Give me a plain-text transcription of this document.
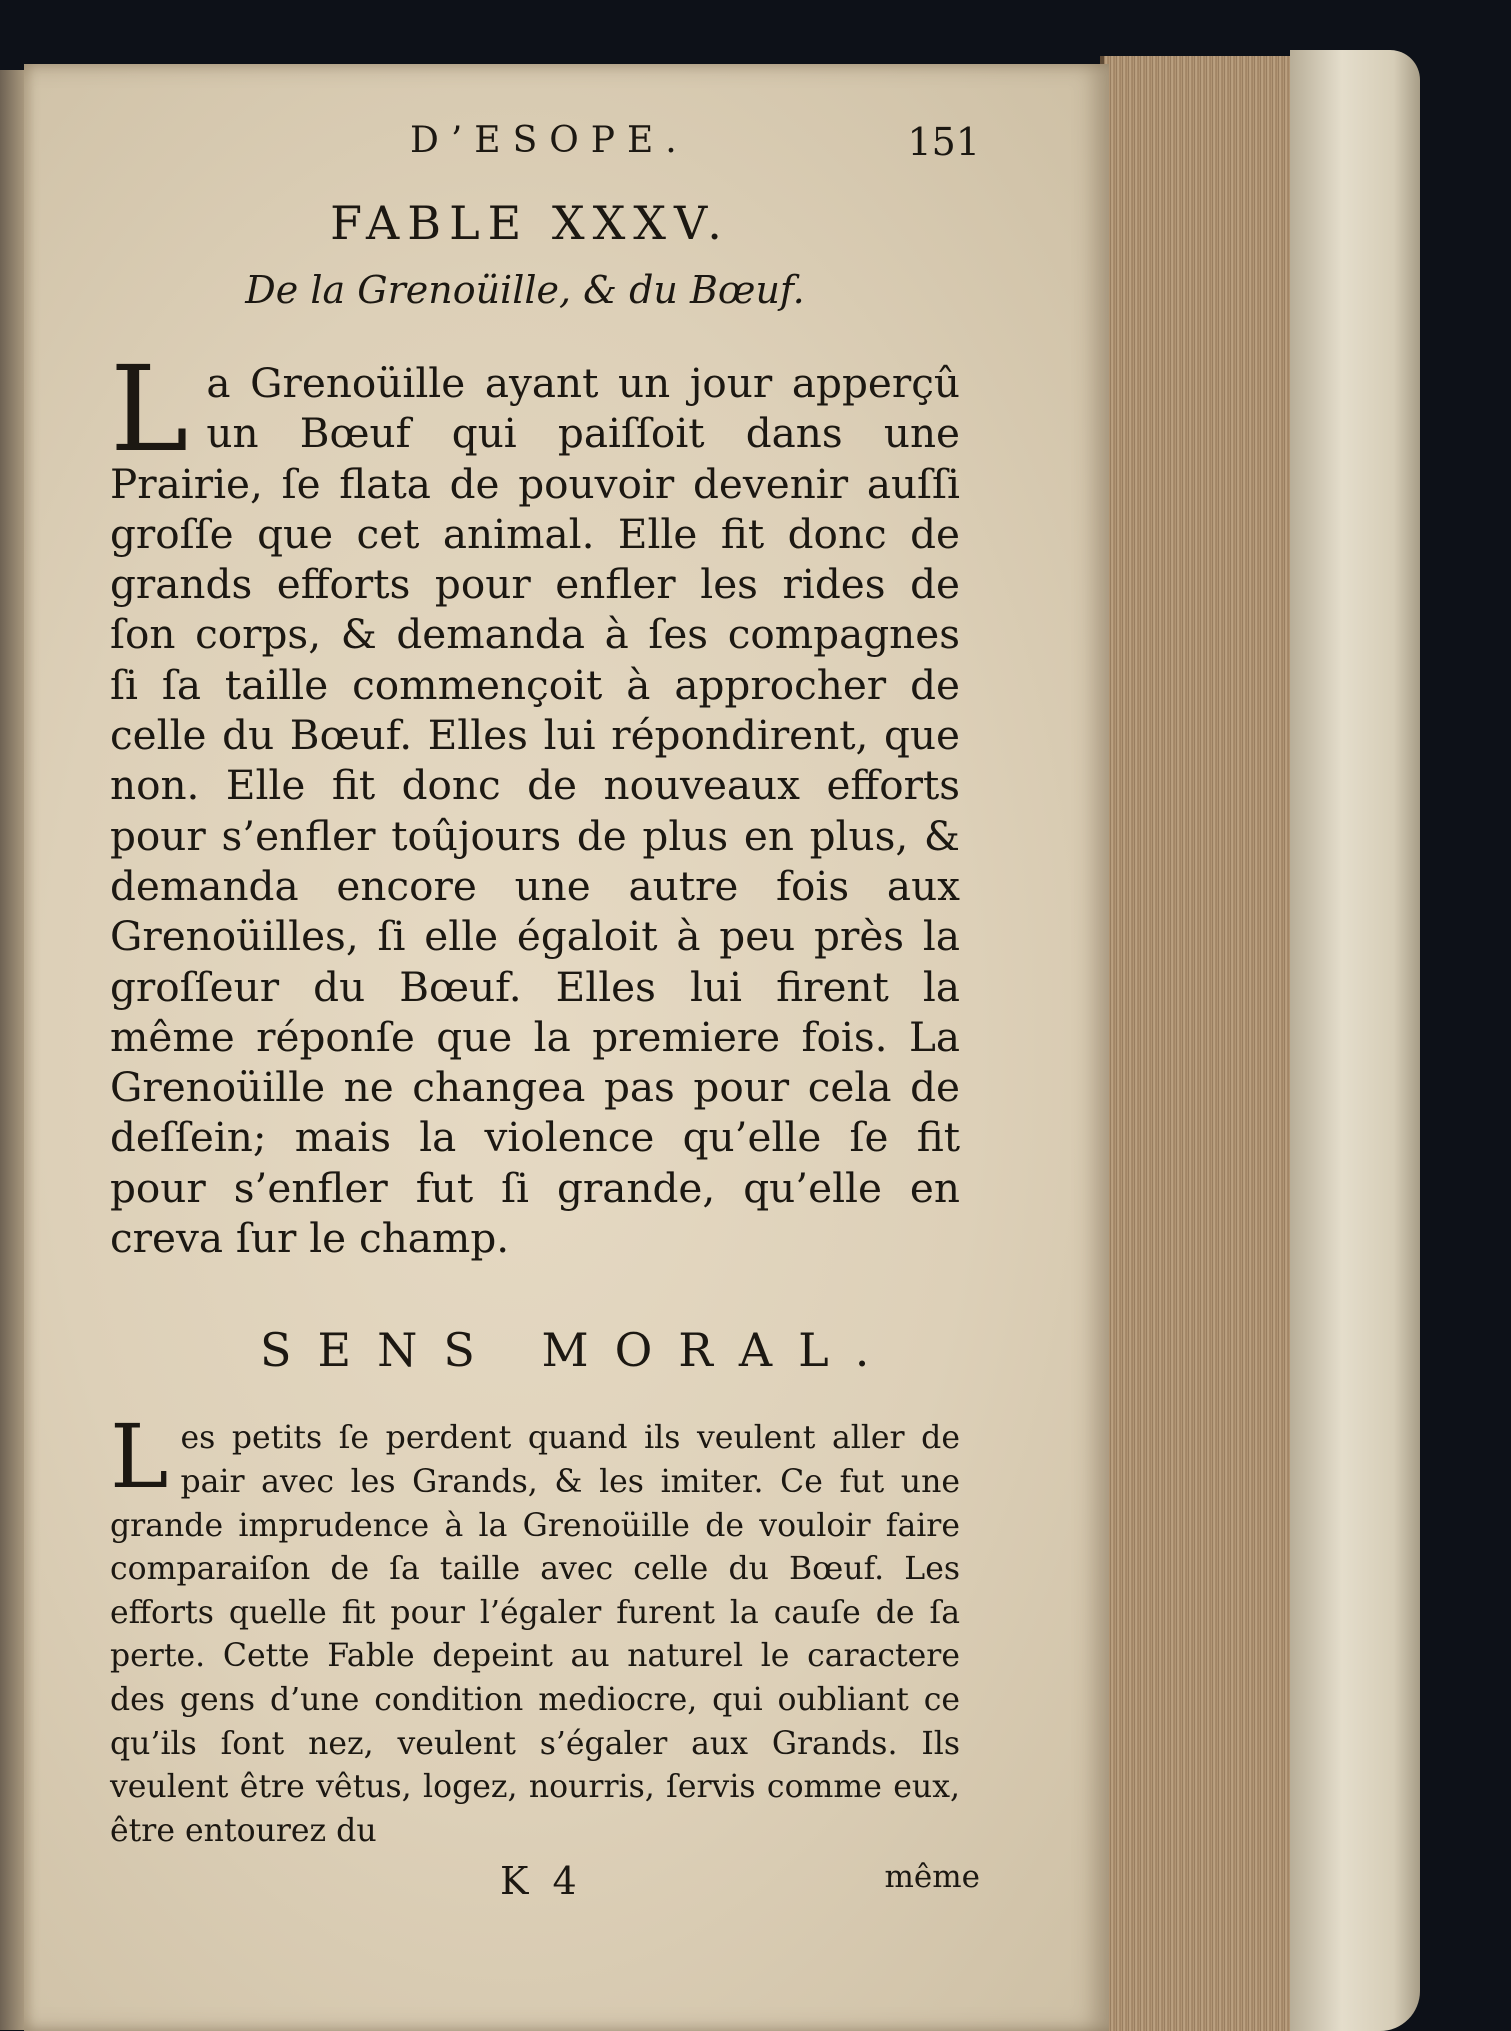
D’ESOPE.	151
FABLE XXXV.
De la Grenoüille, & du Bœuf.
L a Grenoüille ayant un jour apperçû un Bœuf qui paiſſoit dans une Prairie, ſe flata de pouvoir devenir auſſi groſſe que cet animal. Elle fit donc de grands efforts pour enfler les rides de ſon corps, & demanda à ſes compagnes ſi ſa taille commençoit à approcher de celle du Bœuf. Elles lui répondirent, que non. Elle fit donc de nouveaux efforts pour s’enfler toûjours de plus en plus, & demanda encore une autre fois aux Grenoüilles, ſi elle égaloit à peu près la groſſeur du Bœuf. Elles lui firent la même réponſe que la premiere fois. La Grenoüille ne changea pas pour cela de deſſein; mais la violence qu’elle ſe fit pour s’enfler fut ſi grande, qu’elle en creva ſur le champ.
SENS MORAL.
L es petits ſe perdent quand ils veulent aller de pair avec les Grands, & les imiter. Ce fut une grande imprudence à la Grenoüille de vouloir faire comparaiſon de ſa taille avec celle du Bœuf. Les efforts quelle fit pour l’égaler furent la cauſe de ſa perte. Cette Fable depeint au naturel le caractere des gens d’une condition mediocre, qui oubliant ce qu’ils ſont nez, veulent s’égaler aux Grands. Ils veulent être vêtus, logez, nourris, ſervis comme eux, être entourez du
K 4	même
